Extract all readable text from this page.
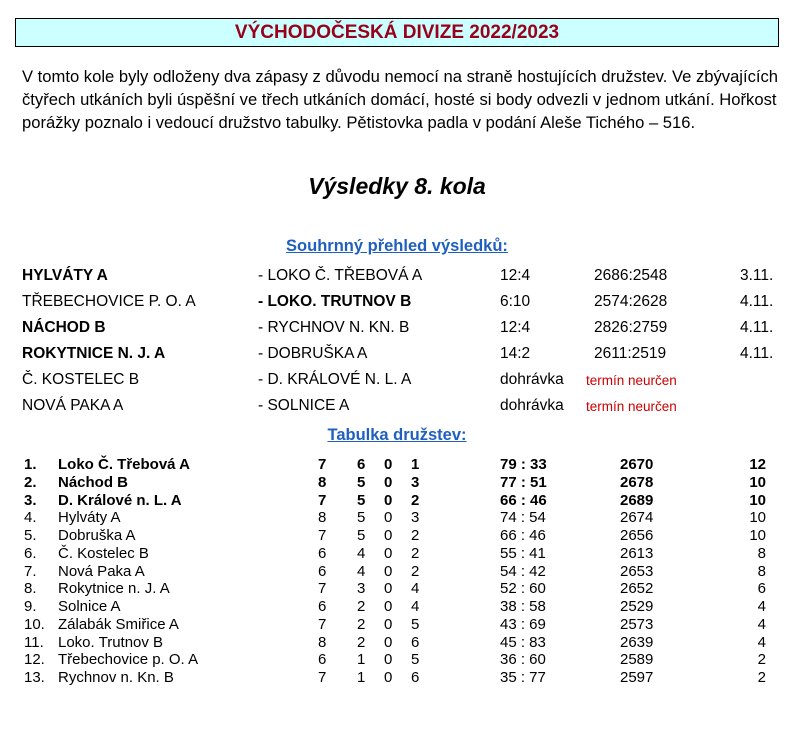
VÝCHODOČESKÁ DIVIZE 2022/2023

V tomto kole byly odloženy dva zápasy z důvodu nemocí na straně hostujících družstev. Ve zbývajících čtyřech utkáních byli úspěšní ve třech utkáních domácí, hosté si body odvezli v jednom utkání. Hořkost porážky poznalo i vedoucí družstvo tabulky. Pětistovka padla v podání Aleše Tichého – 516.

Výsledky 8. kola
Souhrnný přehled výsledků:
HYLVÁTY A	- LOKO Č. TŘEBOVÁ A	12:4	2686:2548	3.11.
TŘEBECHOVICE P. O. A	- LOKO. TRUTNOV B	6:10	2574:2628	4.11.
NÁCHOD B	- RYCHNOV N. KN. B	12:4	2826:2759	4.11.
ROKYTNICE N. J. A	- DOBRUŠKA A	14:2	2611:2519	4.11.
Č. KOSTELEC B	- D. KRÁLOVÉ N. L. A	dohrávka termín neurčen
NOVÁ PAKA A	- SOLNICE A	dohrávka termín neurčen
Tabulka družstev:
1. Loko Č. Třebová A	7 6 0 1	79 : 33	2670	12
2. Náchod B	8 5 0 3	77 : 51	2678	10
3. D. Králové n. L. A	7 5 0 2	66 : 46	2689	10
4. Hylváty A	8 5 0 3	74 : 54	2674	10
5. Dobruška A	7 5 0 2	66 : 46	2656	10
6. Č. Kostelec B	6 4 0 2	55 : 41	2613	8
7. Nová Paka A	6 4 0 2	54 : 42	2653	8
8. Rokytnice n. J. A	7 3 0 4	52 : 60	2652	6
9. Solnice A	6 2 0 4	38 : 58	2529	4
10. Zálabák Smiřice A	7 2 0 5	43 : 69	2573	4
11. Loko. Trutnov B	8 2 0 6	45 : 83	2639	4
12. Třebechovice p. O. A	6 1 0 5	36 : 60	2589	2
13. Rychnov n. Kn. B	7 1 0 6	35 : 77	2597	2
